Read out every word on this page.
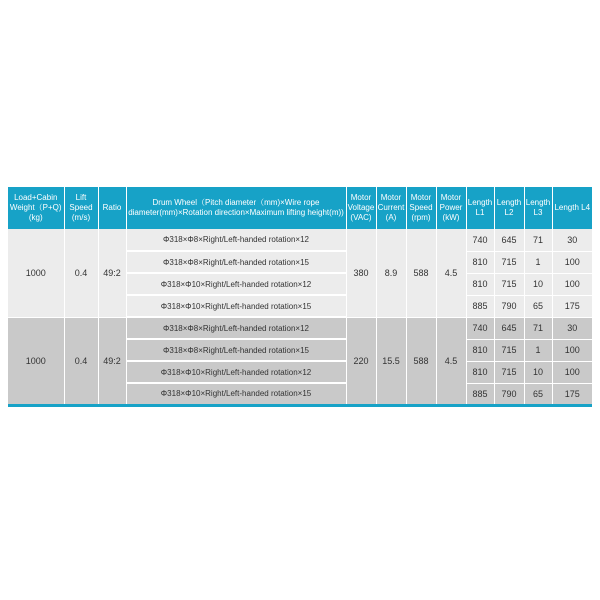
Load+Cabin Weight（P+Q)(kg)	Lift Speed (m/s)	Ratio	Drum Wheel（Pitch diameter（mm)×Wire rope diameter(mm)×Rotation direction×Maximum lifting height(m))	Motor Voltage (VAC)	Motor Current (A)	Motor Speed (rpm)	Motor Power (kW)	Length L1	Length L2	Length L3	Length L4
1000	0.4	49:2	Φ318×Φ8×Right/Left-handed rotation×12	380	8.9	588	4.5	740	645	71	30
			Φ318×Φ8×Right/Left-handed rotation×15					810	715	1	100
			Φ318×Φ10×Right/Left-handed rotation×12					810	715	10	100
			Φ318×Φ10×Right/Left-handed rotation×15					885	790	65	175
1000	0.4	49:2	Φ318×Φ8×Right/Left-handed rotation×12	220	15.5	588	4.5	740	645	71	30
			Φ318×Φ8×Right/Left-handed rotation×15					810	715	1	100
			Φ318×Φ10×Right/Left-handed rotation×12					810	715	10	100
			Φ318×Φ10×Right/Left-handed rotation×15					885	790	65	175
